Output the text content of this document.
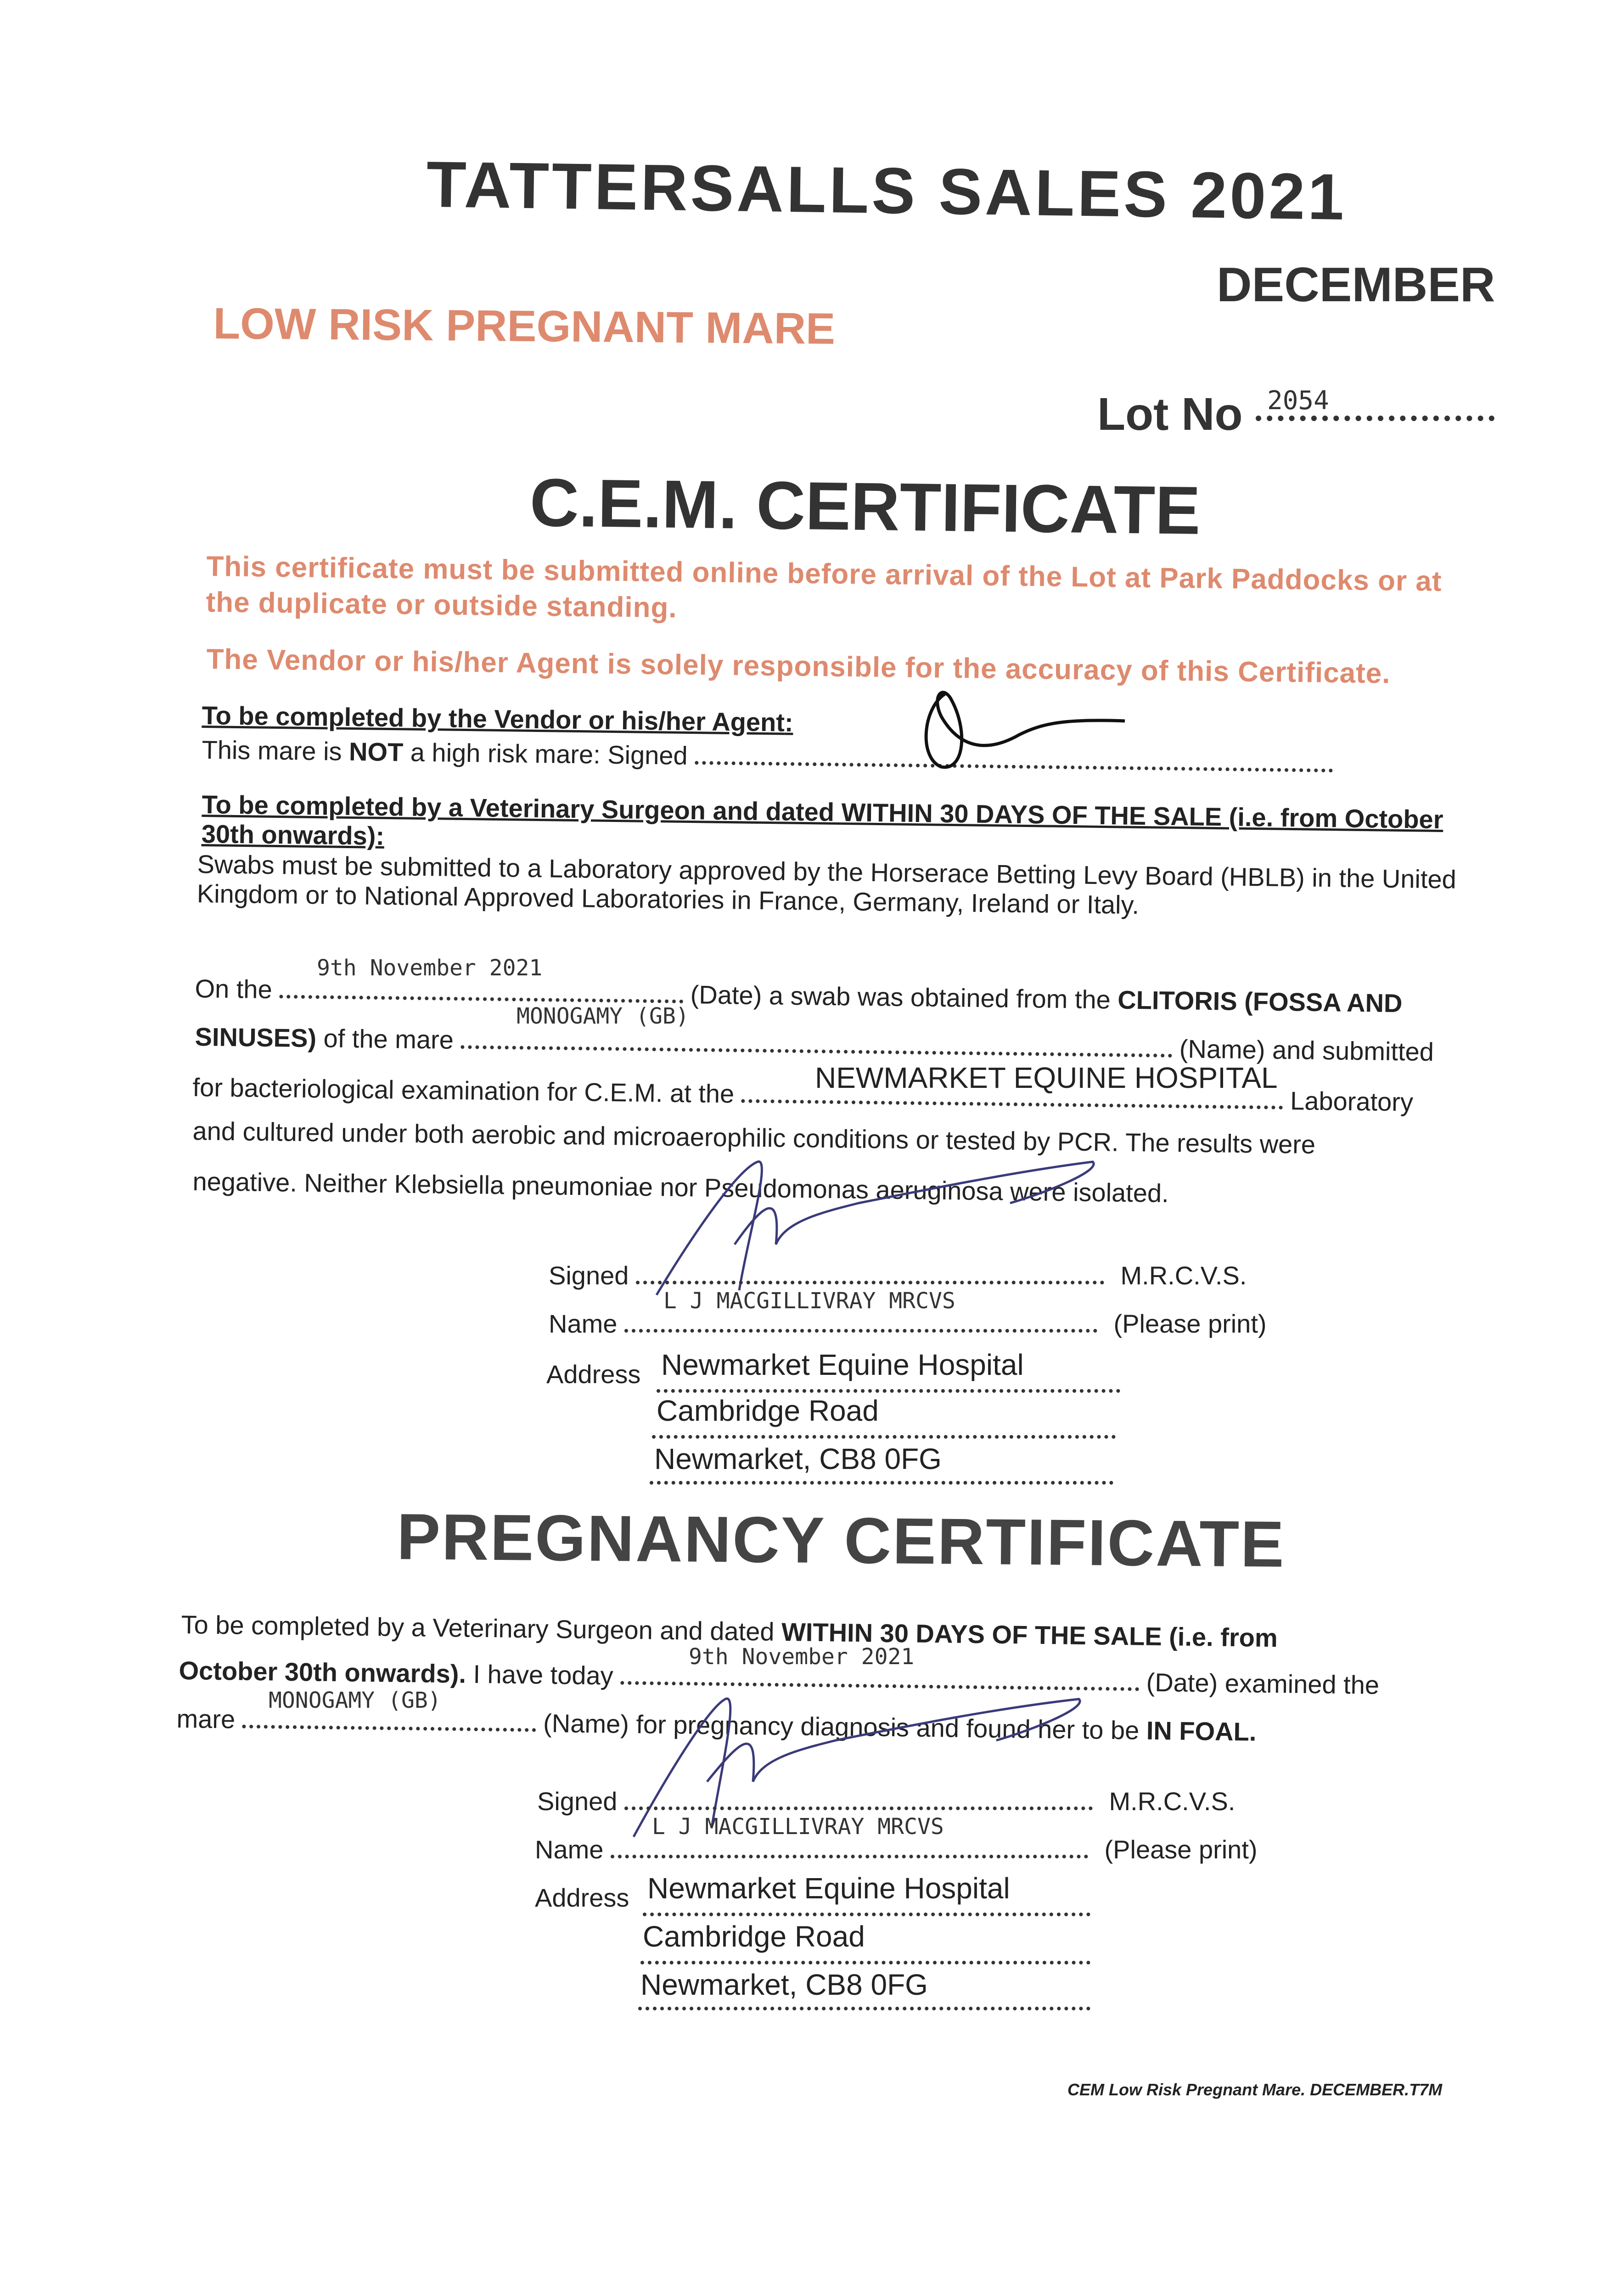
TATTERSALLS SALES 2021
DECEMBER
LOW RISK PREGNANT MARE
Lot No 2054
C.E.M. CERTIFICATE
This certificate must be submitted online before arrival of the Lot at Park Paddocks or at the duplicate or outside standing.
The Vendor or his/her Agent is solely responsible for the accuracy of this Certificate.
To be completed by the Vendor or his/her Agent:
This mare is NOT a high risk mare: Signed
To be completed by a Veterinary Surgeon and dated WITHIN 30 DAYS OF THE SALE (i.e. from October 30th onwards):
Swabs must be submitted to a Laboratory approved by the Horserace Betting Levy Board (HBLB) in the United Kingdom or to National Approved Laboratories in France, Germany, Ireland or Italy.
On the	(Date) a swab was obtained from the CLITORIS (FOSSA AND
9th November 2021
SINUSES) of the mare	(Name) and submitted
MONOGAMY (GB)
for bacteriological examination for C.E.M. at the	Laboratory
NEWMARKET EQUINE HOSPITAL
and cultured under both aerobic and microaerophilic conditions or tested by PCR. The results were
negative. Neither Klebsiella pneumoniae nor Pseudomonas aeruginosa were isolated.
Signed	M.R.C.V.S.
Name	(Please print)
L J MACGILLIVRAY MRCVS
Address Newmarket Equine Hospital
Cambridge Road
Newmarket, CB8 0FG
PREGNANCY CERTIFICATE
To be completed by a Veterinary Surgeon and dated WITHIN 30 DAYS OF THE SALE (i.e. from
October 30th onwards). I have today	(Date) examined the
9th November 2021
mare	(Name) for pregnancy diagnosis and found her to be IN FOAL.
MONOGAMY (GB)
Signed	M.R.C.V.S.
L J MACGILLIVRAY MRCVS
Name	(Please print)
Address Newmarket Equine Hospital
Cambridge Road
Newmarket, CB8 0FG
CEM Low Risk Pregnant Mare. DECEMBER.T7M
